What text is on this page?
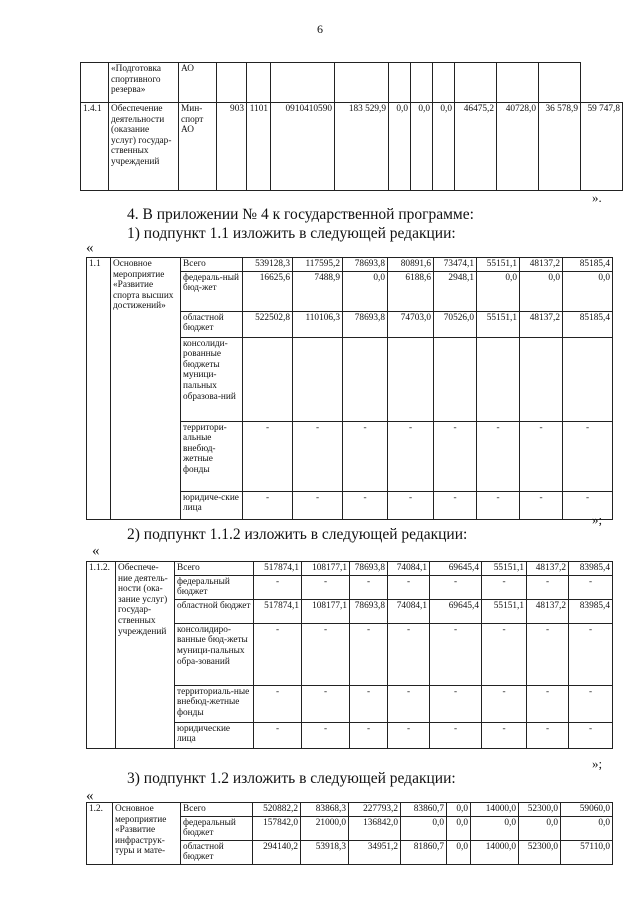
6
	«Подготовка спортивного резерва»	АО											
1.4.1	Обеспечение деятельности (оказание услуг) государ-ственных учреждений	Мин-спорт АО	903	1101	0910410590	183 529,9	0,0	0,0	0,0	46475,2	40728,0	36 578,9	59 747,8
».
4. В приложении № 4 к государственной программе:
1) подпункт 1.1 изложить в следующей редакции:
«
1.1	Основное мероприятие «Развитие спорта высших достижений»	Всего	539128,3	117595,2	78693,8	80891,6	73474,1	55151,1	48137,2	85185,4
		федераль-ный бюд-жет	16625,6	7488,9	0,0	6188,6	2948,1	0,0	0,0	0,0
		областной бюджет	522502,8	110106,3	78693,8	74703,0	70526,0	55151,1	48137,2	85185,4
		консолиди-рованные бюджеты муници-пальных образова-ний								
		территори-альные внебюд-жетные фонды	-	-	-	-	-	-	-	-
		юридиче-ские лица	-	-	-	-	-	-	-	-
»;
2) подпункт 1.1.2 изложить в следующей редакции:
«
1.1.2.	Обеспече-ние деятель-ности (ока-зание услуг) государ-ственных учреждений	Всего	517874,1	108177,1	78693,8	74084,1	69645,4	55151,1	48137,2	83985,4
		федеральный бюджет	-	-	-	-	-	-	-	-
		областной бюджет	517874,1	108177,1	78693,8	74084,1	69645,4	55151,1	48137,2	83985,4
		консолидиро-ванные бюд-жеты муници-пальных обра-зований	-	-	-	-	-	-	-	-
		территориаль-ные внебюд-жетные фонды	-	-	-	-	-	-	-	-
		юридические лица	-	-	-	-	-	-	-	-
»;
3) подпункт 1.2 изложить в следующей редакции:
«
1.2.	Основное мероприятие «Развитие инфраструк-туры и мате-	Всего	520882,2	83868,3	227793,2	83860,7	0,0	14000,0	52300,0	59060,0
		федеральный бюджет	157842,0	21000,0	136842,0	0,0	0,0	0,0	0,0	0,0
		областной бюджет	294140,2	53918,3	34951,2	81860,7	0,0	14000,0	52300,0	57110,0
